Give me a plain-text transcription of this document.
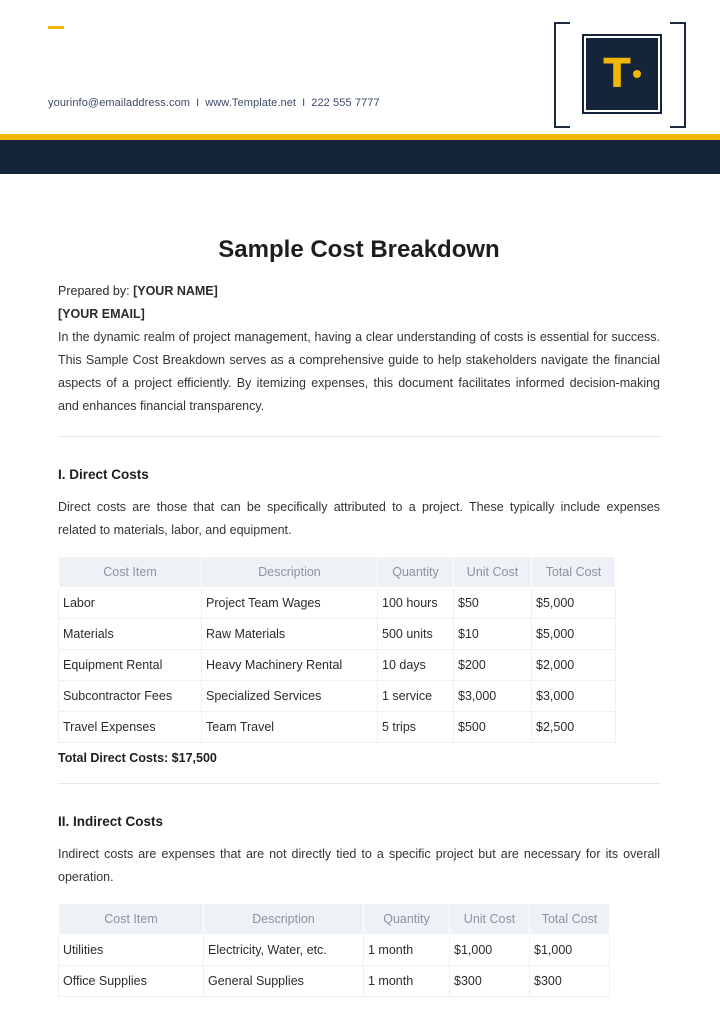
yourinfo@emailaddress.com I www.Template.net I 222 555 7777
T
Sample Cost Breakdown
Prepared by: [YOUR NAME]
[YOUR EMAIL]

In the dynamic realm of project management, having a clear understanding of costs is essential for success. This Sample Cost Breakdown serves as a comprehensive guide to help stakeholders navigate the financial aspects of a project efficiently. By itemizing expenses, this document facilitates informed decision-making and enhances financial transparency.

I. Direct Costs

Direct costs are those that can be specifically attributed to a project. These typically include expenses related to materials, labor, and equipment.

Cost Item	Description	Quantity	Unit Cost	Total Cost
Labor	Project Team Wages	100 hours	$50	$5,000
Materials	Raw Materials	500 units	$10	$5,000
Equipment Rental	Heavy Machinery Rental	10 days	$200	$2,000
Subcontractor Fees	Specialized Services	1 service	$3,000	$3,000
Travel Expenses	Team Travel	5 trips	$500	$2,500
Total Direct Costs: $17,500
II. Indirect Costs

Indirect costs are expenses that are not directly tied to a specific project but are necessary for its overall operation.

Cost Item	Description	Quantity	Unit Cost	Total Cost
Utilities	Electricity, Water, etc.	1 month	$1,000	$1,000
Office Supplies	General Supplies	1 month	$300	$300
